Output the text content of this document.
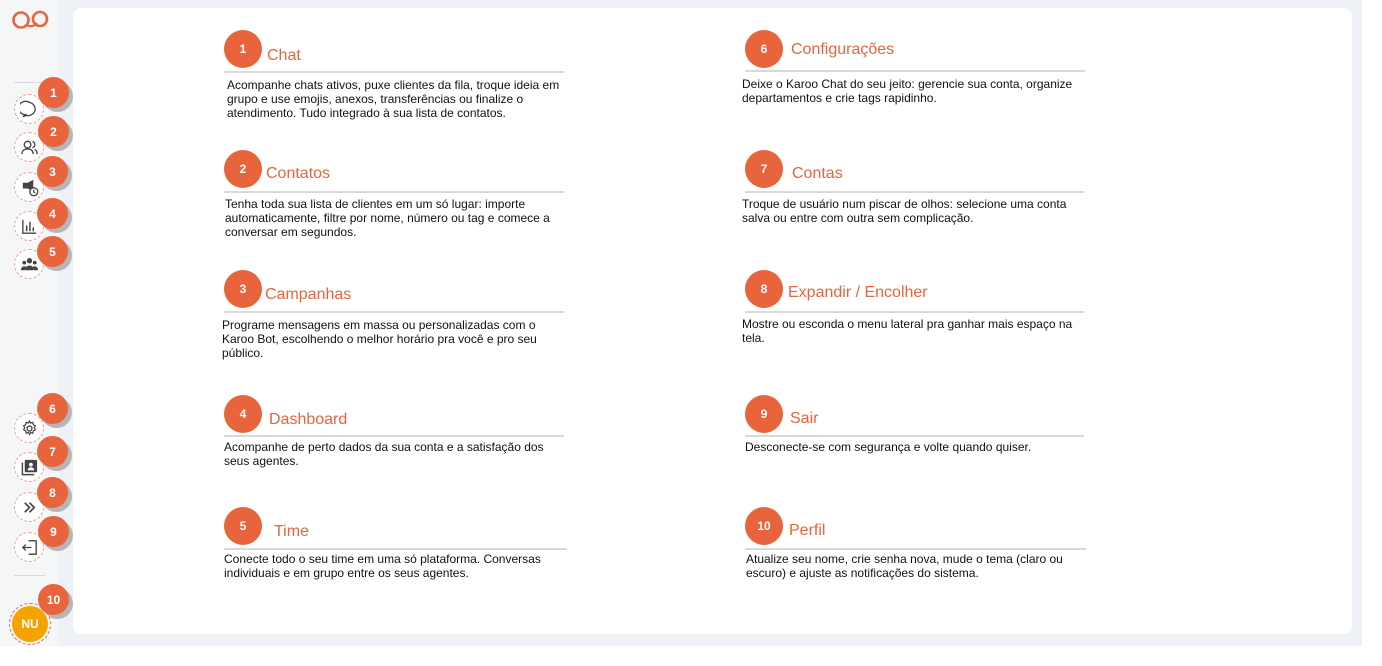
NU
1
2
3
4
5
6
7
8
9
10
1	Chat
Acompanhe chats ativos, puxe clientes da fila, troque ideia em grupo e use emojis, anexos, transferências ou finalize o atendimento. Tudo integrado à sua lista de contatos.
2	Contatos
Tenha toda sua lista de clientes em um só lugar: importe automaticamente, filtre por nome, número ou tag e comece a conversar em segundos.
3	Campanhas
Programe mensagens em massa ou personalizadas com o Karoo Bot, escolhendo o melhor horário pra você e pro seu público.
4	Dashboard
Acompanhe de perto dados da sua conta e a satisfação dos seus agentes.
5	Time
Conecte todo o seu time em uma só plataforma. Conversas individuais e em grupo entre os seus agentes.
6	Configurações
Deixe o Karoo Chat do seu jeito: gerencie sua conta, organize departamentos e crie tags rapidinho.
7	Contas
Troque de usuário num piscar de olhos: selecione uma conta salva ou entre com outra sem complicação.
8	Expandir / Encolher
Mostre ou esconda o menu lateral pra ganhar mais espaço na tela.
9	Sair
Desconecte-se com segurança e volte quando quiser.
10	Perfil
Atualize seu nome, crie senha nova, mude o tema (claro ou escuro) e ajuste as notificações do sistema.
